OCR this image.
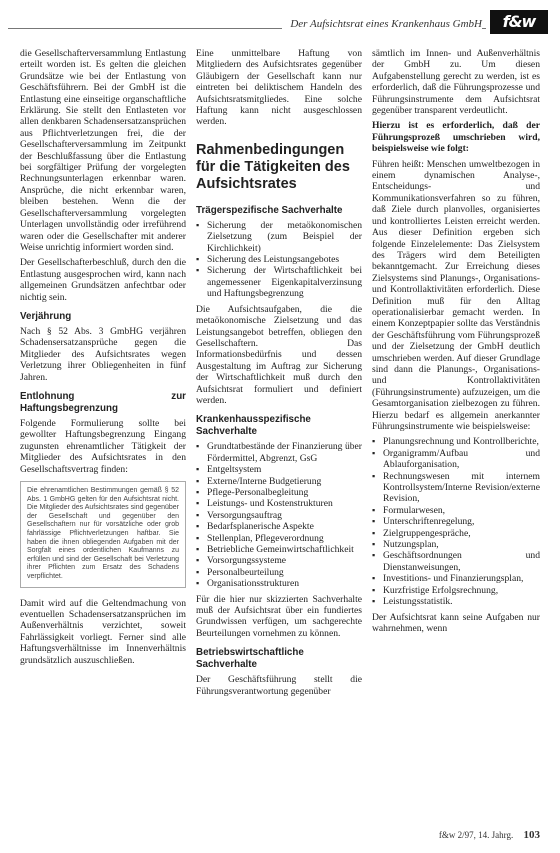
Der Aufsichtsrat eines Krankenhaus GmbH	f&w

die Gesellschafterversammlung Entlastung erteilt worden ist. Es gelten die gleichen Grundsätze wie bei der Entlastung von Geschäftsführern. Bei der GmbH ist die Entlastung eine einseitige organschaftliche Erklärung. Sie stellt den Entlasteten vor allen denkbaren Schadensersatzansprüchen aus Pflichtverletzungen frei, die der Gesellschafterversammlung im Zeitpunkt der Beschlußfassung über die Entlastung bei sorgfältiger Prüfung der vorgelegten Rechnungsunterlagen erkennbar waren. Ansprüche, die nicht erkennbar waren, bleiben bestehen. Wenn die der Gesellschafterversammlung vorgelegten Unterlagen unvollständig oder irreführend waren oder die Gesellschafter mit anderer Weise unrichtig informiert worden sind.

Der Gesellschafterbeschluß, durch den die Entlastung ausgesprochen wird, kann nach allgemeinen Grundsätzen anfechtbar oder nichtig sein.

Verjährung

Nach § 52 Abs. 3 GmbHG verjähren Schadensersatzansprüche gegen die Mitglieder des Aufsichtsrates wegen Verletzung ihrer Obliegenheiten in fünf Jahren.

Entlohnung zur Haftungsbegrenzung

Folgende Formulierung sollte bei gewollter Haftungsbegrenzung Eingang zugunsten ehrenamtlicher Tätigkeit der Mitglieder des Aufsichtsrates in den Gesellschaftsvertrag finden:

Die ehrenamtlichen Bestimmungen gemäß § 52 Abs. 1 GmbHG gelten für den Aufsichtsrat nicht. Die Mitglieder des Aufsichtsrates sind gegenüber der Gesellschaft und gegenüber den Gesellschaftern nur für vorsätzliche oder grob fahrlässige Pflichtverletzungen haftbar. Sie haben die ihnen obliegenden Aufgaben mit der Sorgfalt eines ordentlichen Kaufmanns zu erfüllen und sind der Gesellschaft bei Verletzung ihrer Pflichten zum Ersatz des Schadens verpflichtet.

Damit wird auf die Geltendmachung von eventuellen Schadensersatzansprüchen im Außenverhältnis verzichtet, soweit Fahrlässigkeit vorliegt. Ferner sind alle Haftungsverhältnisse im Innenverhältnis grundsätzlich auszuschließen.

Eine unmittelbare Haftung von Mitgliedern des Aufsichtsrates gegenüber Gläubigern der Gesellschaft kann nur eintreten bei deliktischem Handeln des Aufsichtsratsmitgliedes. Eine solche Haftung kann nicht ausgeschlossen werden.

Rahmenbedingungen für die Tätigkeiten des Aufsichtsrates
Trägerspezifische Sachverhalte
▪ Sicherung der metaökonomischen Zielsetzung (zum Beispiel der Kirchlichkeit)
▪ Sicherung des Leistungsangebotes
▪ Sicherung der Wirtschaftlichkeit bei angemessener Eigenkapitalverzinsung und Haftungsbegrenzung

Die Aufsichtsaufgaben, die die metaökonomische Zielsetzung und das Leistungsangebot betreffen, obliegen den Gesellschaftern. Das Informationsbedürfnis und dessen Ausgestaltung im Auftrag zur Sicherung der Wirtschaftlichkeit muß durch den Aufsichtsrat formuliert und definiert werden.

Krankenhausspezifische Sachverhalte
▪ Grundtatbestände der Finanzierung über Fördermittel, Abgrenzt, GsG
▪ Entgeltsystem
▪ Externe/Interne Budgetierung
▪ Pflege-Personalbegleitung
▪ Leistungs- und Kostenstrukturen
▪ Versorgungsauftrag
▪ Bedarfsplanerische Aspekte
▪ Stellenplan, Pflegeverordnung
▪ Betriebliche Gemeinwirtschaftlichkeit
▪ Vorsorgungssysteme
▪ Personalbeurteilung
▪ Organisationsstrukturen

Für die hier nur skizzierten Sachverhalte muß der Aufsichtsrat über ein fundiertes Grundwissen verfügen, um sachgerechte Beurteilungen vornehmen zu können.

Betriebswirtschaftliche Sachverhalte

Der Geschäftsführung stellt die Führungsverantwortung gegenüber

sämtlich im Innen- und Außenverhältnis der GmbH zu. Um diesen Aufgabenstellung gerecht zu werden, ist es erforderlich, daß die Führungsprozesse und Führungsinstrumente dem Aufsichtsrat gegenüber transparent verdeutlicht.

Hierzu ist es erforderlich, daß der Führungsprozeß umschrieben wird, beispielsweise wie folgt:

Führen heißt: Menschen umweltbezogen in einem dynamischen Analyse-, Entscheidungs- und Kommunikationsverfahren so zu führen, daß Ziele durch planvolles, organisiertes und kontrolliertes Leisten erreicht werden. Aus dieser Definition ergeben sich folgende Einzelelemente: Das Zielsystem des Trägers wird dem Beteiligten bekanntgemacht. Zur Erreichung dieses Zielsystems sind Planungs-, Organisations- und Kontrollaktivitäten erforderlich. Diese Definition muß für den Alltag operationalisierbar gemacht werden. In einem Konzeptpapier sollte das Verständnis der Geschäftsführung vom Führungsprozeß und der Zielsetzung der GmbH deutlich umschrieben werden. Auf dieser Grundlage sind dann die Planungs-, Organisations- und Kontrollaktivitäten (Führungsinstrumente) aufzuzeigen, um die Gesamtorganisation zielbezogen zu führen. Hierzu bedarf es allgemein anerkannter Führungsinstrumente wie beispielsweise:

▪ Planungsrechnung und Kontrollberichte,
▪ Organigramm/Aufbau und Ablauforganisation,
▪ Rechnungswesen mit internem Kontrollsystem/Interne Revision/externe Revision,
▪ Formularwesen,
▪ Unterschriftenregelung,
▪ Zielgruppengespräche,
▪ Nutzungsplan,
▪ Geschäftsordnungen und Dienstanweisungen,
▪ Investitions- und Finanzierungsplan,
▪ Kurzfristige Erfolgsrechnung,
▪ Leistungsstatistik.

Der Aufsichtsrat kann seine Aufgaben nur wahrnehmen, wenn

f&w 2/97, 14. Jahrg. 103
